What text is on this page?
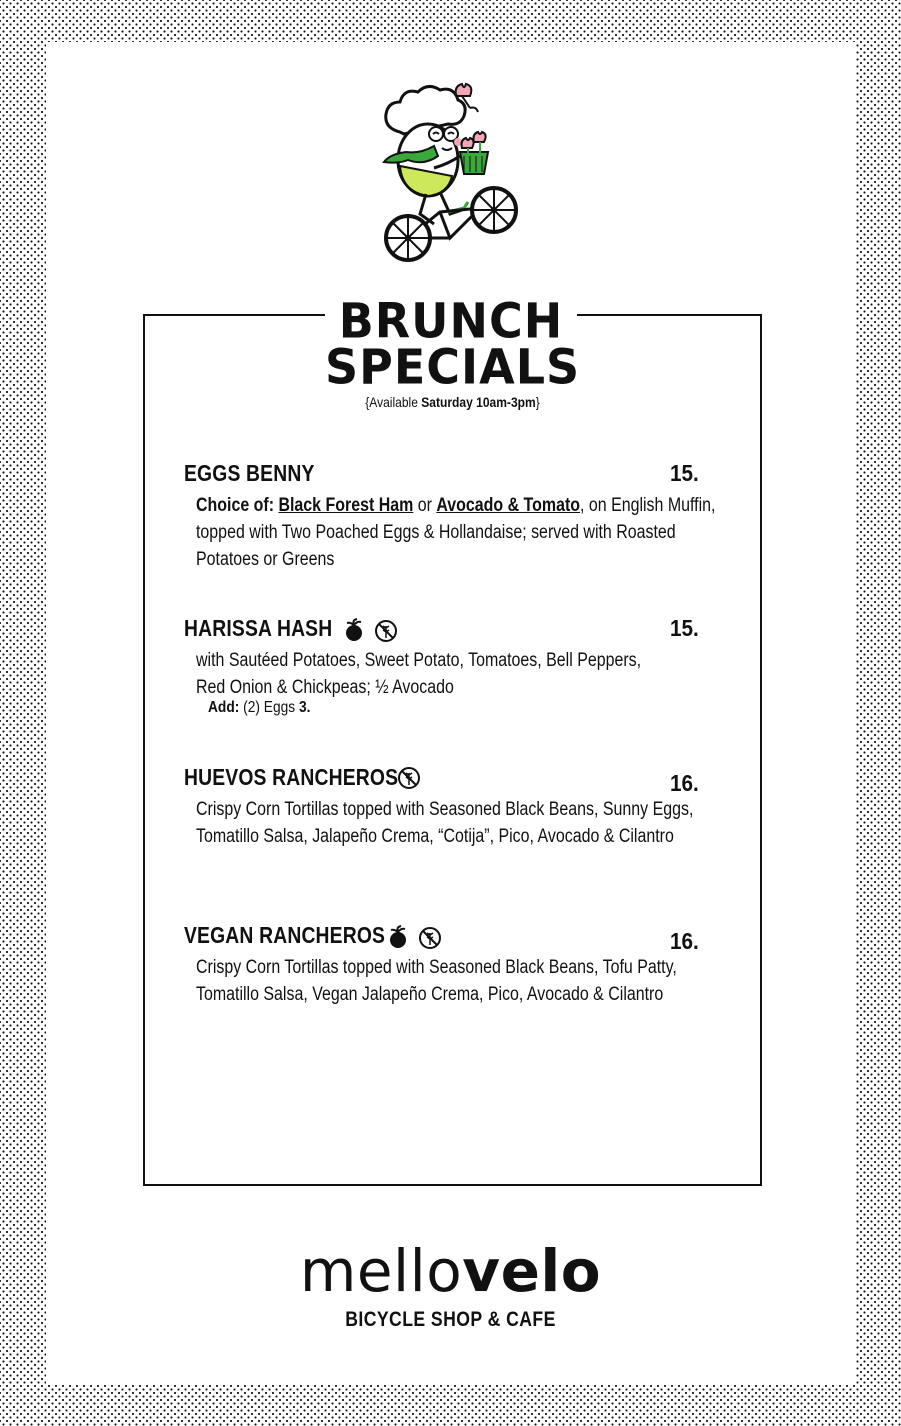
BRUNCH
SPECIALS
{Available Saturday 10am-3pm}
EGGS BENNY	15.
Choice of: Black Forest Ham or Avocado & Tomato, on English Muffin, topped with Two Poached Eggs & Hollandaise; served with Roasted Potatoes or Greens
HARISSA HASH	15.
with Sautéed Potatoes, Sweet Potato, Tomatoes, Bell Peppers, Red Onion & Chickpeas; ½ Avocado
Add: (2) Eggs 3.
HUEVOS RANCHEROS	16.
Crispy Corn Tortillas topped with Seasoned Black Beans, Sunny Eggs, Tomatillo Salsa, Jalapeño Crema, “Cotija”, Pico, Avocado & Cilantro
VEGAN RANCHEROS	16.
Crispy Corn Tortillas topped with Seasoned Black Beans, Tofu Patty, Tomatillo Salsa, Vegan Jalapeño Crema, Pico, Avocado & Cilantro
mellovelo
BICYCLE SHOP & CAFE
